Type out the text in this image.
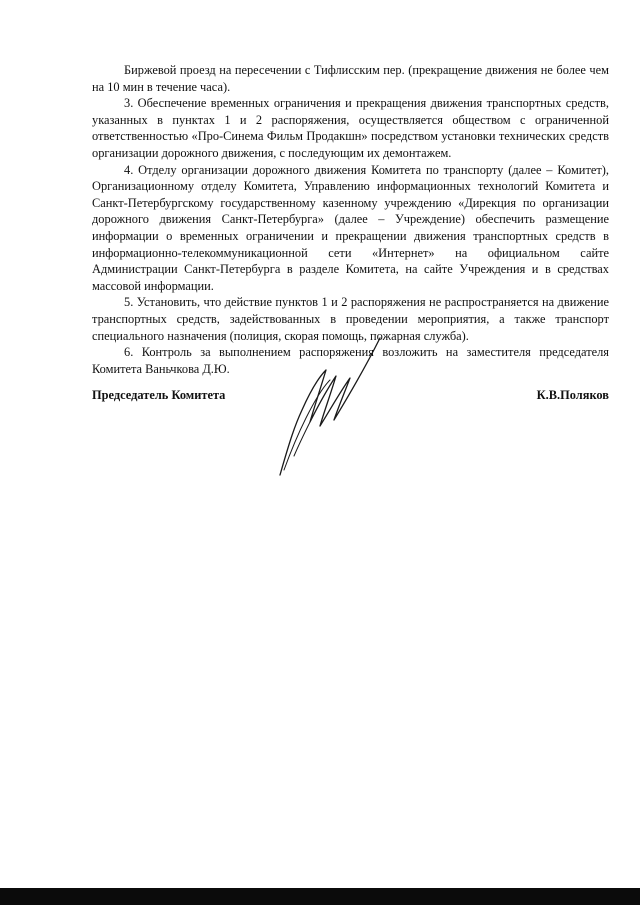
Биржевой проезд на пересечении с Тифлисским пер. (прекращение движения не более чем на 10 мин в течение часа).

3. Обеспечение временных ограничения и прекращения движения транспортных средств, указанных в пунктах 1 и 2 распоряжения, осуществляется обществом с ограниченной ответственностью «Про-Синема Фильм Продакшн» посредством установки технических средств организации дорожного движения, с последующим их демонтажем.

4. Отделу организации дорожного движения Комитета по транспорту (далее – Комитет), Организационному отделу Комитета, Управлению информационных технологий Комитета и Санкт-Петербургскому государственному казенному учреждению «Дирекция по организации дорожного движения Санкт-Петербурга» (далее – Учреждение) обеспечить размещение информации о временных ограничении и прекращении движения транспортных средств в информационно-телекоммуникационной сети «Интернет» на официальном сайте Администрации Санкт-Петербурга в разделе Комитета, на сайте Учреждения и в средствах массовой информации.

5. Установить, что действие пунктов 1 и 2 распоряжения не распространяется на движение транспортных средств, задействованных в проведении мероприятия, а также транспорт специального назначения (полиция, скорая помощь, пожарная служба).

6. Контроль за выполнением распоряжения возложить на заместителя председателя Комитета Ваньчкова Д.Ю.

Председатель Комитета	К.В.Поляков
